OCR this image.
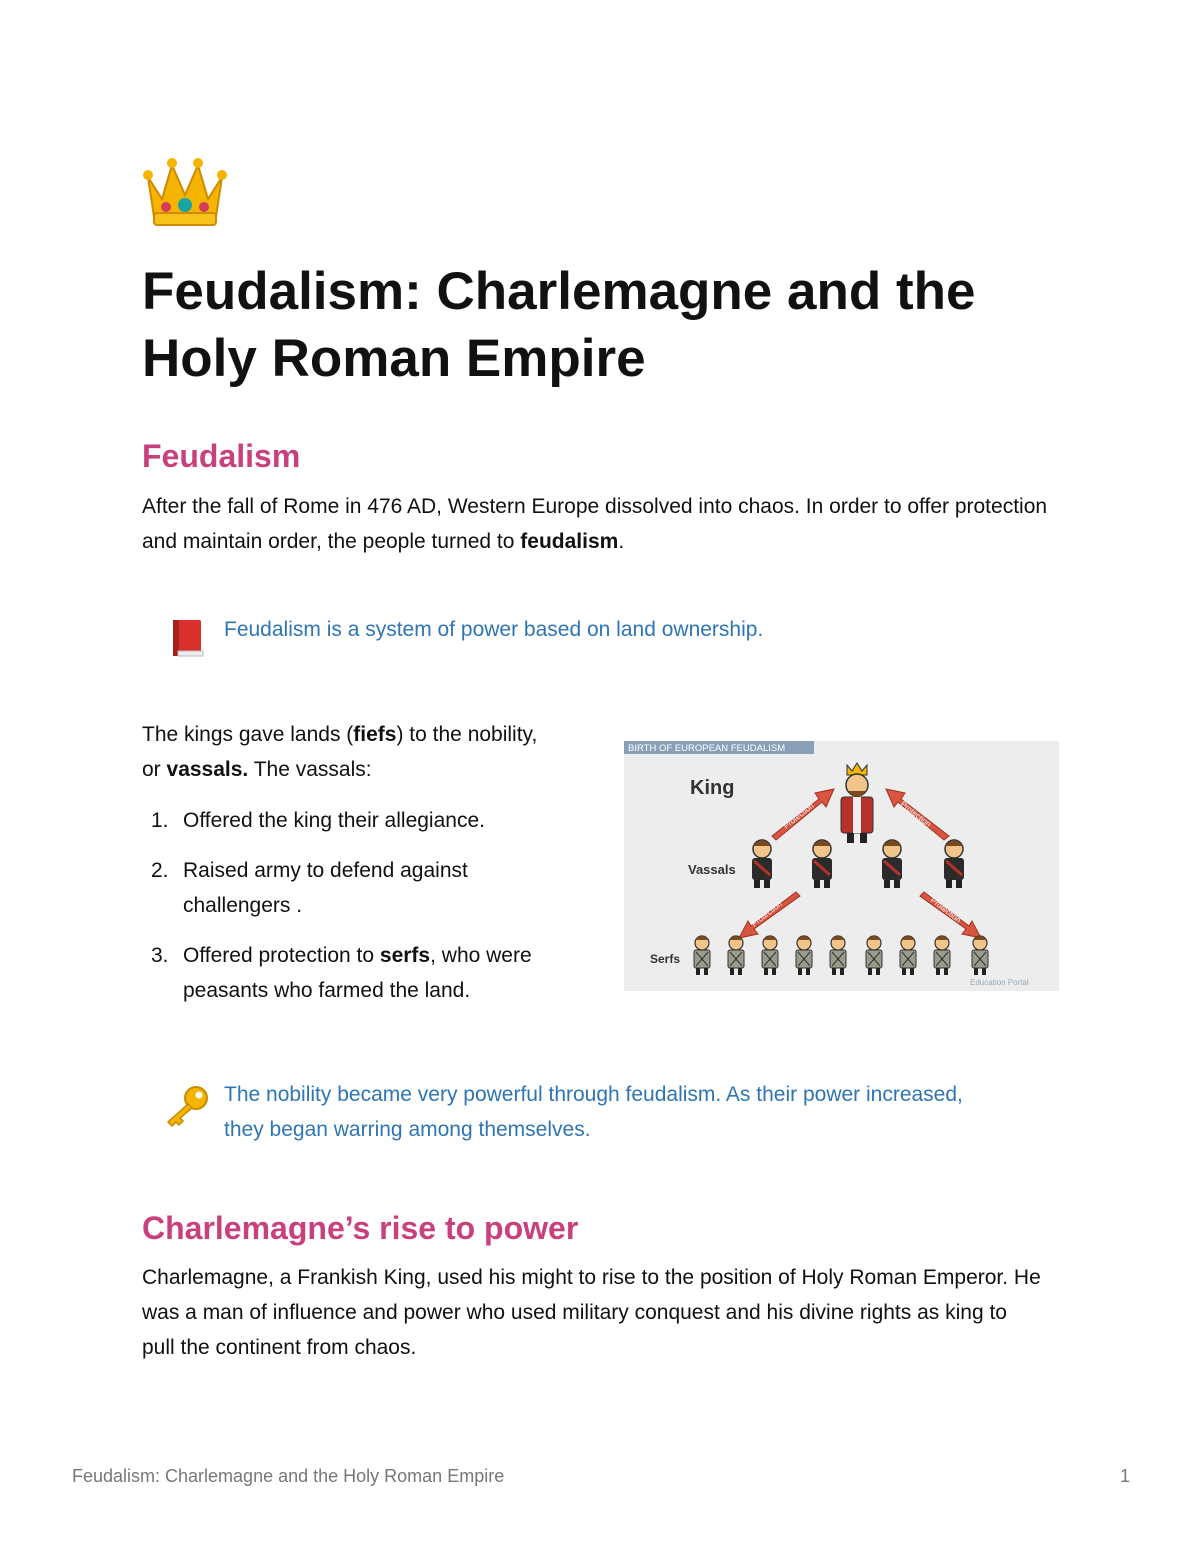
Feudalism: Charlemagne and the Holy Roman Empire
Feudalism

After the fall of Rome in 476 AD, Western Europe dissolved into chaos. In order to offer protection and maintain order, the people turned to feudalism.

Feudalism is a system of power based on land ownership.

The kings gave lands (fiefs) to the nobility, or vassals. The vassals:

1. Offered the king their allegiance.
2. Raised army to defend against challengers .
3. Offered protection to serfs, who were peasants who farmed the land.
BIRTH OF EUROPEAN FEUDALISM
King
Vassals
Serfs
Protection	Protection
Protection	Protection
Education Portal

The nobility became very powerful through feudalism. As their power increased, they began warring among themselves.

Charlemagne’s rise to power

Charlemagne, a Frankish King, used his might to rise to the position of Holy Roman Emperor. He was a man of influence and power who used military conquest and his divine rights as king to pull the continent from chaos.

Feudalism: Charlemagne and the Holy Roman Empire	1
